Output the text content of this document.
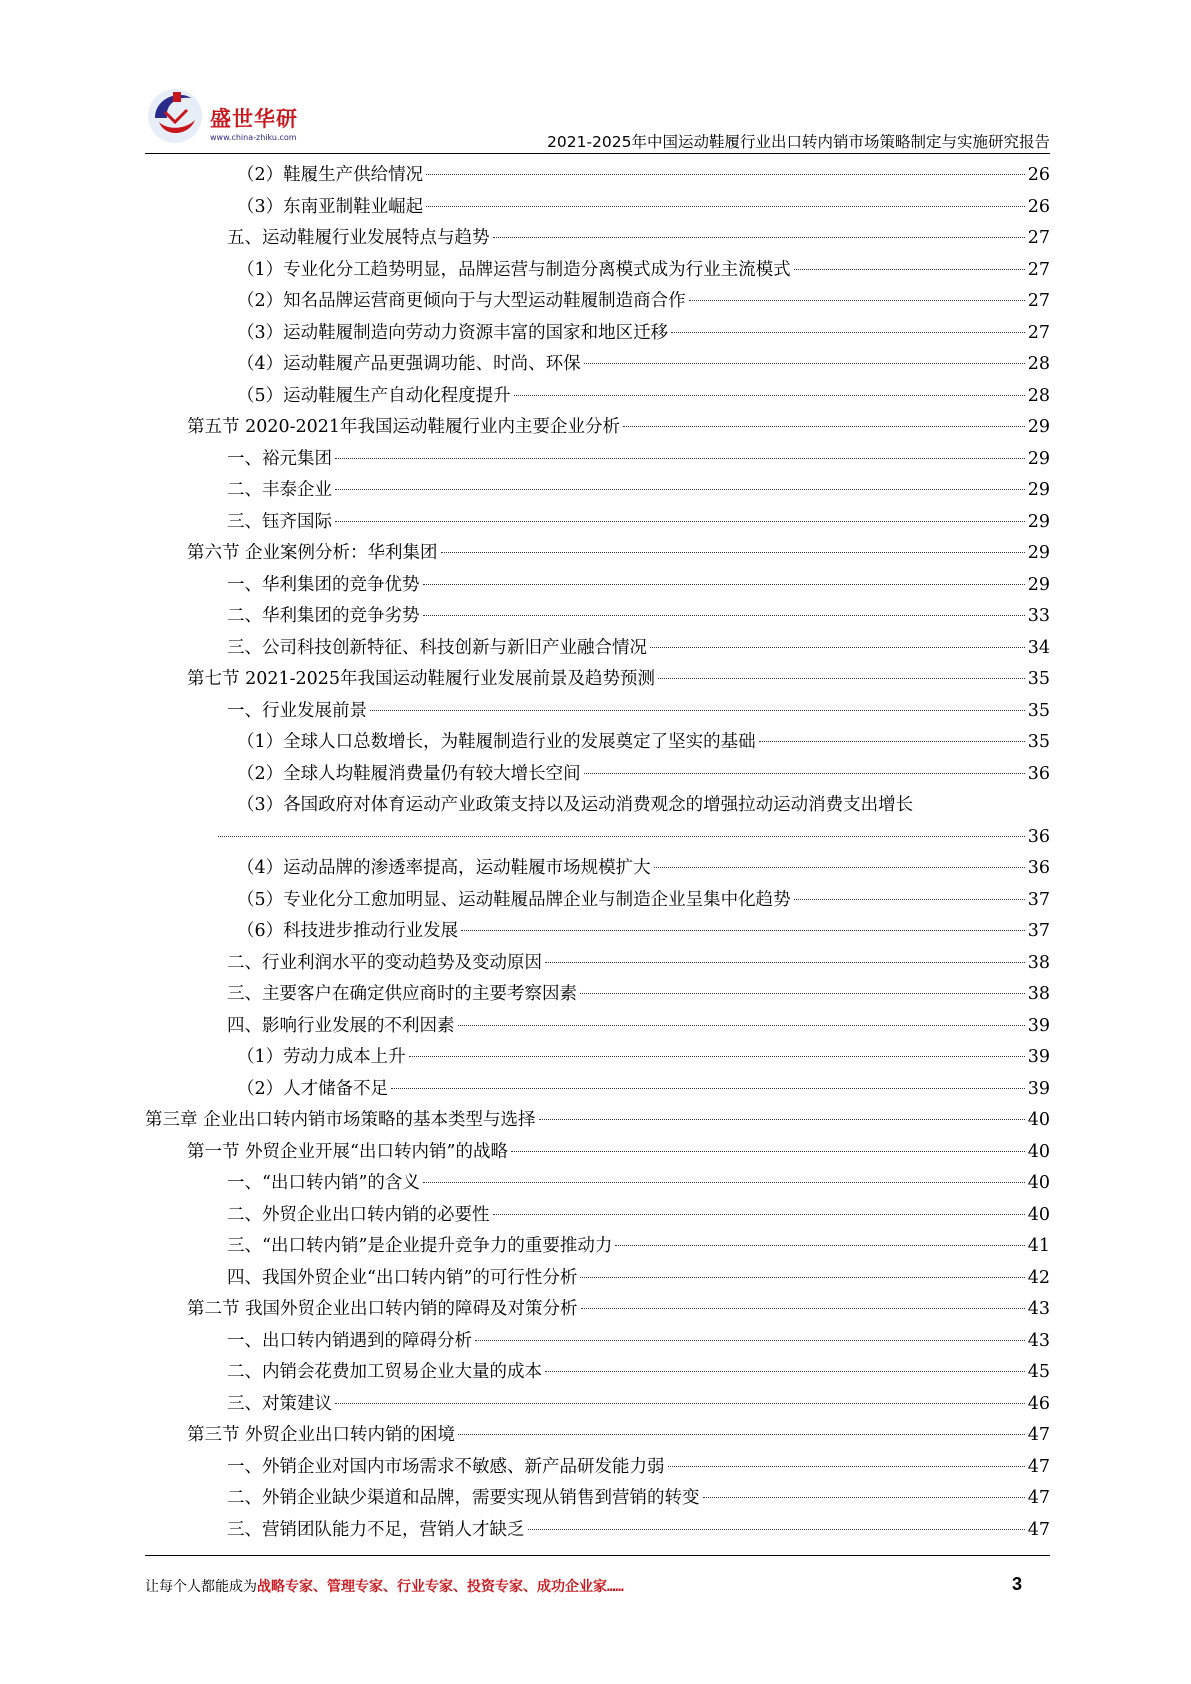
盛世华研
www.china-zhiku.com	2021-2025年中国运动鞋履行业出口转内销市场策略制定与实施研究报告
（2）鞋履生产供给情况	26
（3）东南亚制鞋业崛起	26
五、运动鞋履行业发展特点与趋势	27
（1）专业化分工趋势明显，品牌运营与制造分离模式成为行业主流模式	27
（2）知名品牌运营商更倾向于与大型运动鞋履制造商合作	27
（3）运动鞋履制造向劳动力资源丰富的国家和地区迁移	27
（4）运动鞋履产品更强调功能、时尚、环保	28
（5）运动鞋履生产自动化程度提升	28
第五节 2020-2021年我国运动鞋履行业内主要企业分析	29
一、裕元集团	29
二、丰泰企业	29
三、钰齐国际	29
第六节 企业案例分析：华利集团	29
一、华利集团的竞争优势	29
二、华利集团的竞争劣势	33
三、公司科技创新特征、科技创新与新旧产业融合情况	34
第七节 2021-2025年我国运动鞋履行业发展前景及趋势预测	35
一、行业发展前景	35
（1）全球人口总数增长，为鞋履制造行业的发展奠定了坚实的基础	35
（2）全球人均鞋履消费量仍有较大增长空间	36
（3）各国政府对体育运动产业政策支持以及运动消费观念的增强拉动运动消费支出增长
36
（4）运动品牌的渗透率提高，运动鞋履市场规模扩大	36
（5）专业化分工愈加明显、运动鞋履品牌企业与制造企业呈集中化趋势	37
（6）科技进步推动行业发展	37
二、行业利润水平的变动趋势及变动原因	38
三、主要客户在确定供应商时的主要考察因素	38
四、影响行业发展的不利因素	39
（1）劳动力成本上升	39
（2）人才储备不足	39
第三章 企业出口转内销市场策略的基本类型与选择	40
第一节 外贸企业开展“出口转内销”的战略	40
一、“出口转内销”的含义	40
二、外贸企业出口转内销的必要性	40
三、“出口转内销”是企业提升竞争力的重要推动力	41
四、我国外贸企业“出口转内销”的可行性分析	42
第二节 我国外贸企业出口转内销的障碍及对策分析	43
一、出口转内销遇到的障碍分析	43
二、内销会花费加工贸易企业大量的成本	45
三、对策建议	46
第三节 外贸企业出口转内销的困境	47
一、外销企业对国内市场需求不敏感、新产品研发能力弱	47
二、外销企业缺少渠道和品牌，需要实现从销售到营销的转变	47
三、营销团队能力不足，营销人才缺乏	47
让每个人都能成为战略专家、管理专家、行业专家、投资专家、成功企业家……	3
